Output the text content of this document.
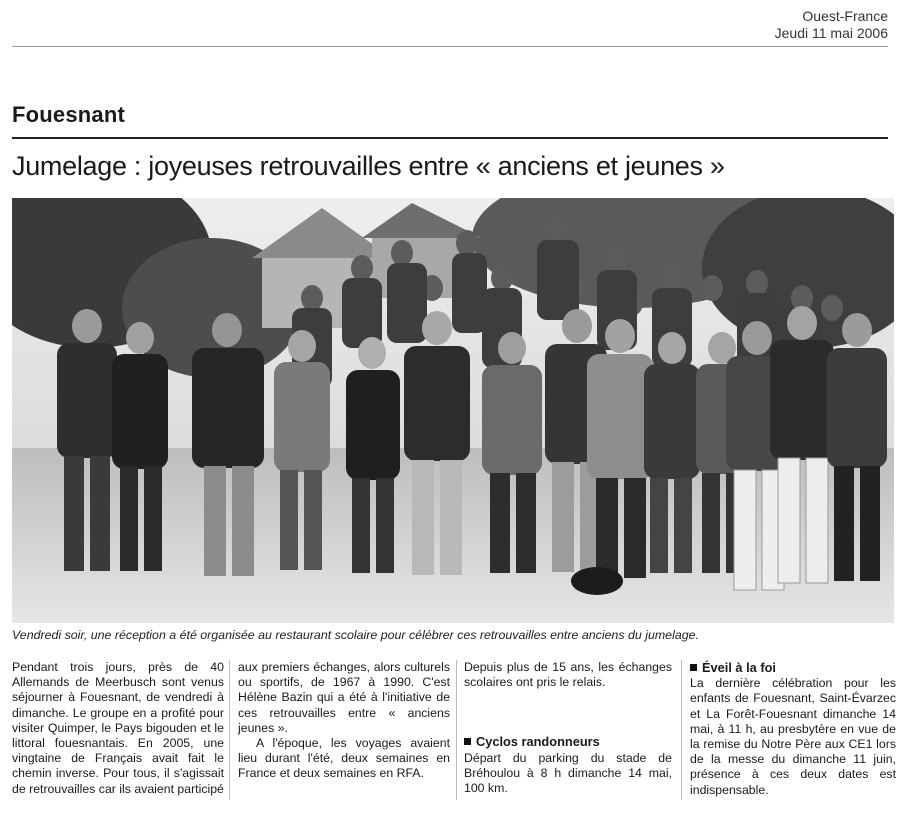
Ouest-France
Jeudi 11 mai 2006
Fouesnant
Jumelage : joyeuses retrouvailles entre « anciens et jeunes »
Vendredi soir, une réception a été organisée au restaurant scolaire pour célébrer ces retrouvailles entre anciens du jumelage.

Pendant trois jours, près de 40 Allemands de Meerbusch sont venus séjourner à Fouesnant, de vendredi à dimanche. Le groupe en a profité pour visiter Quimper, le Pays bigouden et le littoral fouesnantais. En 2005, une vingtaine de Français avait fait le chemin inverse. Pour tous, il s'agissait de retrouvailles car ils avaient participé

aux premiers échanges, alors culturels ou sportifs, de 1967 à 1990. C'est Hélène Bazin qui a été à l'initiative de ces retrouvailles entre « anciens jeunes ».

A l'époque, les voyages avaient lieu durant l'été, deux semaines en France et deux semaines en RFA.

Depuis plus de 15 ans, les échanges scolaires ont pris le relais.

Cyclos randonneurs

Départ du parking du stade de Bréhoulou à 8 h dimanche 14 mai, 100 km.

Éveil à la foi

La dernière célébration pour les enfants de Fouesnant, Saint-Évarzec et La Forêt-Fouesnant dimanche 14 mai, à 11 h, au presbytère en vue de la remise du Notre Père aux CE1 lors de la messe du dimanche 11 juin, présence à ces deux dates est indispensable.
